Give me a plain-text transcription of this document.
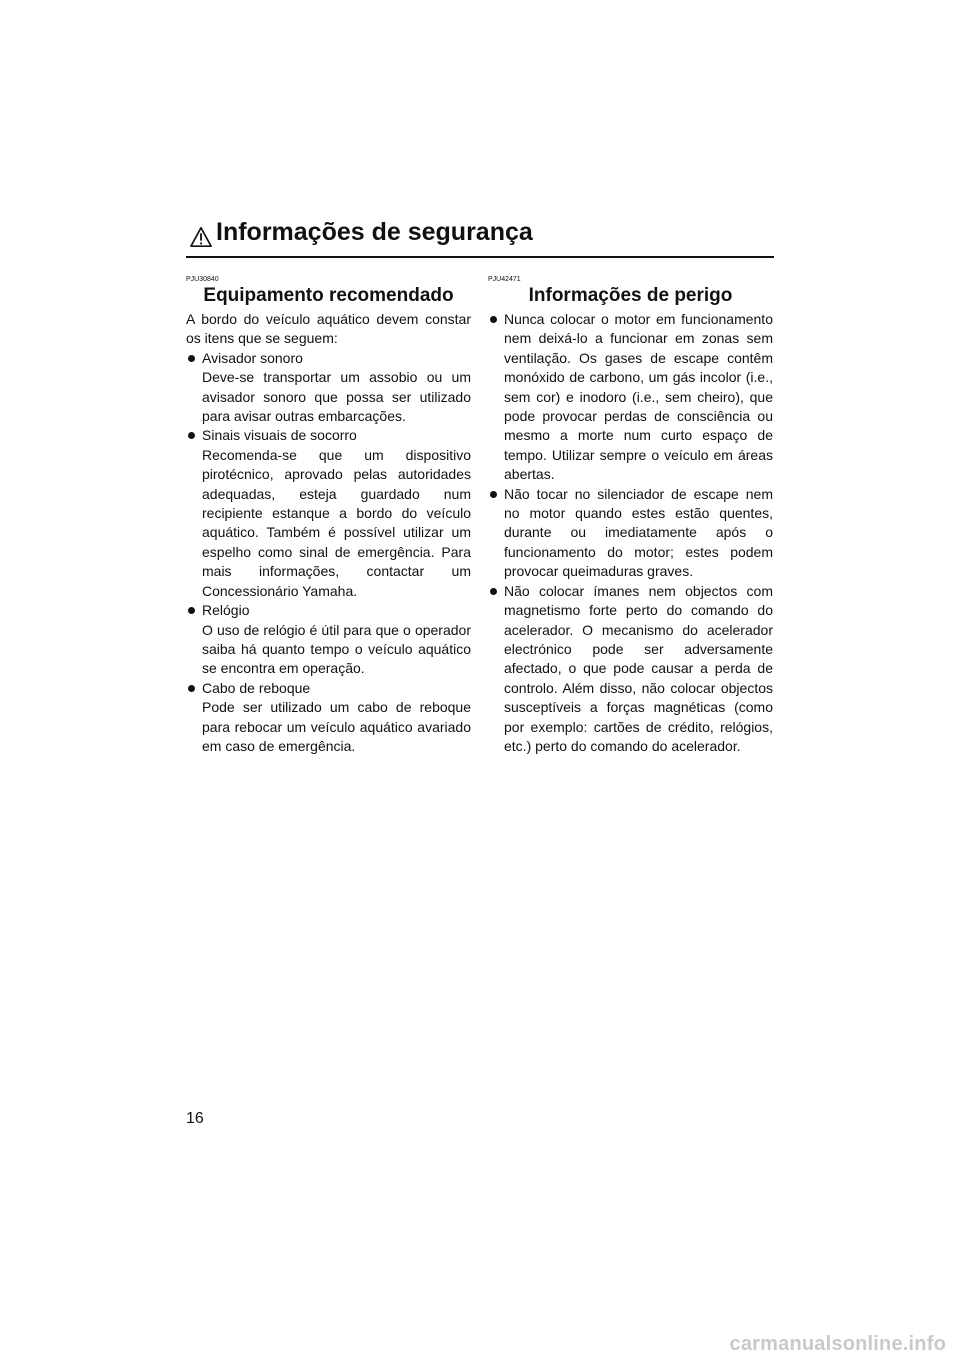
Informações de segurança
PJU30840
Equipamento recomendado

A bordo do veículo aquático devem constar os itens que se seguem:

Avisador sonoro
Deve-se transportar um assobio ou um avisador sonoro que possa ser utilizado para avisar outras embarcações.
Sinais visuais de socorro
Recomenda-se que um dispositivo pirotécnico, aprovado pelas autoridades adequadas, esteja guardado num recipiente estanque a bordo do veículo aquático. Também é possível utilizar um espelho como sinal de emergência. Para mais informações, contactar um Concessionário Yamaha.
Relógio
O uso de relógio é útil para que o operador saiba há quanto tempo o veículo aquático se encontra em operação.
Cabo de reboque
Pode ser utilizado um cabo de reboque para rebocar um veículo aquático avariado em caso de emergência.
PJU42471
Informações de perigo
Nunca colocar o motor em funcionamento nem deixá-lo a funcionar em zonas sem ventilação. Os gases de escape contêm monóxido de carbono, um gás incolor (i.e., sem cor) e inodoro (i.e., sem cheiro), que pode provocar perdas de consciência ou mesmo a morte num curto espaço de tempo. Utilizar sempre o veículo em áreas abertas.
Não tocar no silenciador de escape nem no motor quando estes estão quentes, durante ou imediatamente após o funcionamento do motor; estes podem provocar queimaduras graves.
Não colocar ímanes nem objectos com magnetismo forte perto do comando do acelerador. O mecanismo do acelerador electrónico pode ser adversamente afectado, o que pode causar a perda de controlo. Além disso, não colocar objectos susceptíveis a forças magnéticas (como por exemplo: cartões de crédito, relógios, etc.) perto do comando do acelerador.
16
carmanualsonline.info
